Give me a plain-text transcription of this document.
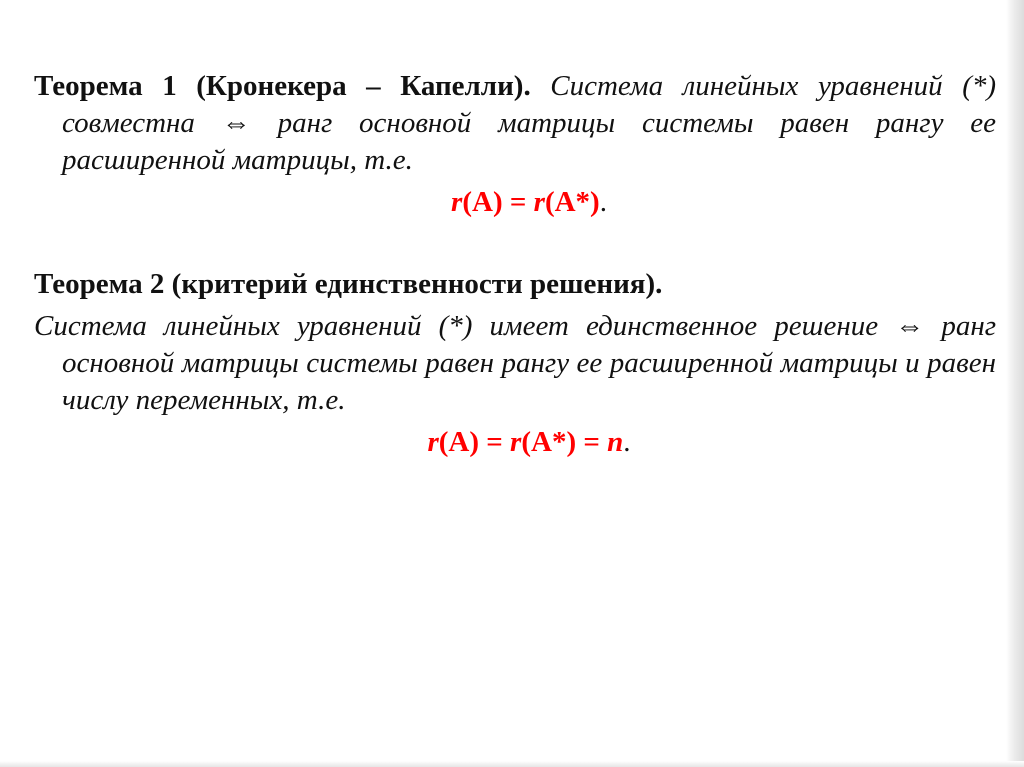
Теорема 1 (Кронекера – Капелли). Система линейных уравнений (*) совместна ⇔ ранг основной матрицы системы равен рангу ее расширенной матрицы, т.е.

r(A) = r(A*).

Теорема 2 (критерий единственности решения).

Система линейных уравнений (*) имеет единственное решение ⇔ ранг основной матрицы системы равен рангу ее расширенной матрицы и равен числу переменных, т.е.

r(A) = r(A*) = n.
